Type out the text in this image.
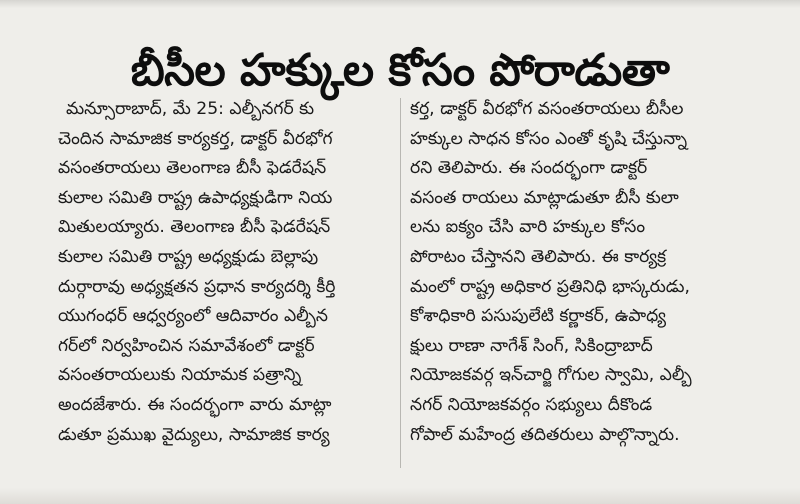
బీసీల హక్కుల కోసం పోరాడుతా
మన్సూరాబాద్, మే 25: ఎల్బీనగర్ కు
చెందిన సామాజిక కార్యకర్త, డాక్టర్ వీరభోగ
వసంతరాయలు తెలంగాణ బీసీ ఫెడరేషన్
కులాల సమితి రాష్ట్ర ఉపాధ్యక్షుడిగా నియ
మితులయ్యారు. తెలంగాణ బీసీ ఫెడరేషన్
కులాల సమితి రాష్ట్ర అధ్యక్షుడు బెల్లాపు
దుర్గారావు అధ్యక్షతన ప్రధాన కార్యదర్శి కీర్తి
యుగంధర్ ఆధ్వర్యంలో ఆదివారం ఎల్బీన
గర్‌లో నిర్వహించిన సమావేశంలో డాక్టర్
వసంతరాయలుకు నియామక పత్రాన్ని
అందజేశారు. ఈ సందర్భంగా వారు మాట్లా
డుతూ ప్రముఖ వైద్యులు, సామాజిక కార్య
కర్త, డాక్టర్ వీరభోగ వసంతరాయలు బీసీల
హక్కుల సాధన కోసం ఎంతో కృషి చేస్తున్నా
రని తెలిపారు. ఈ సందర్భంగా డాక్టర్
వసంత రాయలు మాట్లాడుతూ బీసీ కులా
లను ఐక్యం చేసి వారి హక్కుల కోసం
పోరాటం చేస్తానని తెలిపారు. ఈ కార్యక్ర
మంలో రాష్ట్ర అధికార ప్రతినిధి భాస్కరుడు,
కోశాధికారి పసుపులేటి కర్ణాకర్, ఉపాధ్య
క్షులు రాణా నాగేశ్ సింగ్, సికింద్రాబాద్
నియోజకవర్గ ఇన్‌చార్జి గోగుల స్వామి, ఎల్బీ
నగర్ నియోజకవర్గం సభ్యులు దీకొండ
గోపాల్ మహేంద్ర తదితరులు పాల్గొన్నారు.
